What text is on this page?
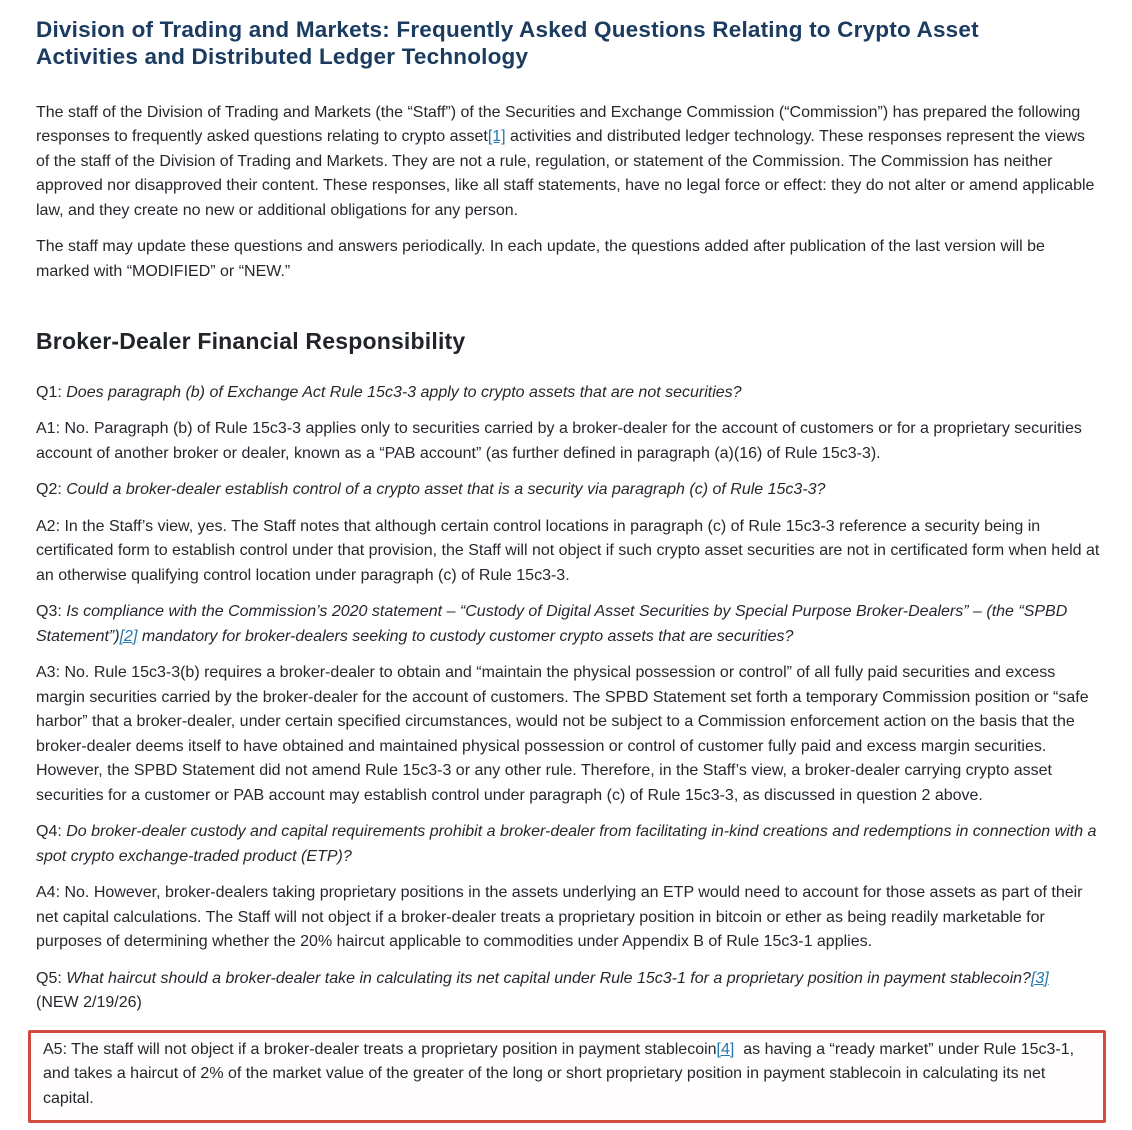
Division of Trading and Markets: Frequently Asked Questions Relating to Crypto Asset Activities and Distributed Ledger Technology

The staff of the Division of Trading and Markets (the “Staff”) of the Securities and Exchange Commission (“Commission”) has prepared the following responses to frequently asked questions relating to crypto asset[1] activities and distributed ledger technology. These responses represent the views of the staff of the Division of Trading and Markets. They are not a rule, regulation, or statement of the Commission. The Commission has neither approved nor disapproved their content. These responses, like all staff statements, have no legal force or effect: they do not alter or amend applicable law, and they create no new or additional obligations for any person.

The staff may update these questions and answers periodically. In each update, the questions added after publication of the last version will be marked with “MODIFIED” or “NEW.”

Broker-Dealer Financial Responsibility

Q1: Does paragraph (b) of Exchange Act Rule 15c3-3 apply to crypto assets that are not securities?

A1: No. Paragraph (b) of Rule 15c3-3 applies only to securities carried by a broker-dealer for the account of customers or for a proprietary securities account of another broker or dealer, known as a “PAB account” (as further defined in paragraph (a)(16) of Rule 15c3-3).

Q2: Could a broker-dealer establish control of a crypto asset that is a security via paragraph (c) of Rule 15c3-3?

A2: In the Staff’s view, yes. The Staff notes that although certain control locations in paragraph (c) of Rule 15c3-3 reference a security being in certificated form to establish control under that provision, the Staff will not object if such crypto asset securities are not in certificated form when held at an otherwise qualifying control location under paragraph (c) of Rule 15c3-3.

Q3: Is compliance with the Commission’s 2020 statement – “Custody of Digital Asset Securities by Special Purpose Broker-Dealers” – (the “SPBD Statement”)[2] mandatory for broker-dealers seeking to custody customer crypto assets that are securities?

A3: No. Rule 15c3-3(b) requires a broker-dealer to obtain and “maintain the physical possession or control” of all fully paid securities and excess margin securities carried by the broker-dealer for the account of customers. The SPBD Statement set forth a temporary Commission position or “safe harbor” that a broker-dealer, under certain specified circumstances, would not be subject to a Commission enforcement action on the basis that the broker-dealer deems itself to have obtained and maintained physical possession or control of customer fully paid and excess margin securities. However, the SPBD Statement did not amend Rule 15c3-3 or any other rule. Therefore, in the Staff’s view, a broker-dealer carrying crypto asset securities for a customer or PAB account may establish control under paragraph (c) of Rule 15c3-3, as discussed in question 2 above.

Q4: Do broker-dealer custody and capital requirements prohibit a broker-dealer from facilitating in-kind creations and redemptions in connection with a spot crypto exchange-traded product (ETP)?

A4: No. However, broker-dealers taking proprietary positions in the assets underlying an ETP would need to account for those assets as part of their net capital calculations. The Staff will not object if a broker-dealer treats a proprietary position in bitcoin or ether as being readily marketable for purposes of determining whether the 20% haircut applicable to commodities under Appendix B of Rule 15c3-1 applies.

Q5: What haircut should a broker-dealer take in calculating its net capital under Rule 15c3-1 for a proprietary position in payment stablecoin?[3]
(NEW 2/19/26)

A5: The staff will not object if a broker-dealer treats a proprietary position in payment stablecoin[4]  as having a “ready market” under Rule 15c3-1, and takes a haircut of 2% of the market value of the greater of the long or short proprietary position in payment stablecoin in calculating its net capital.
